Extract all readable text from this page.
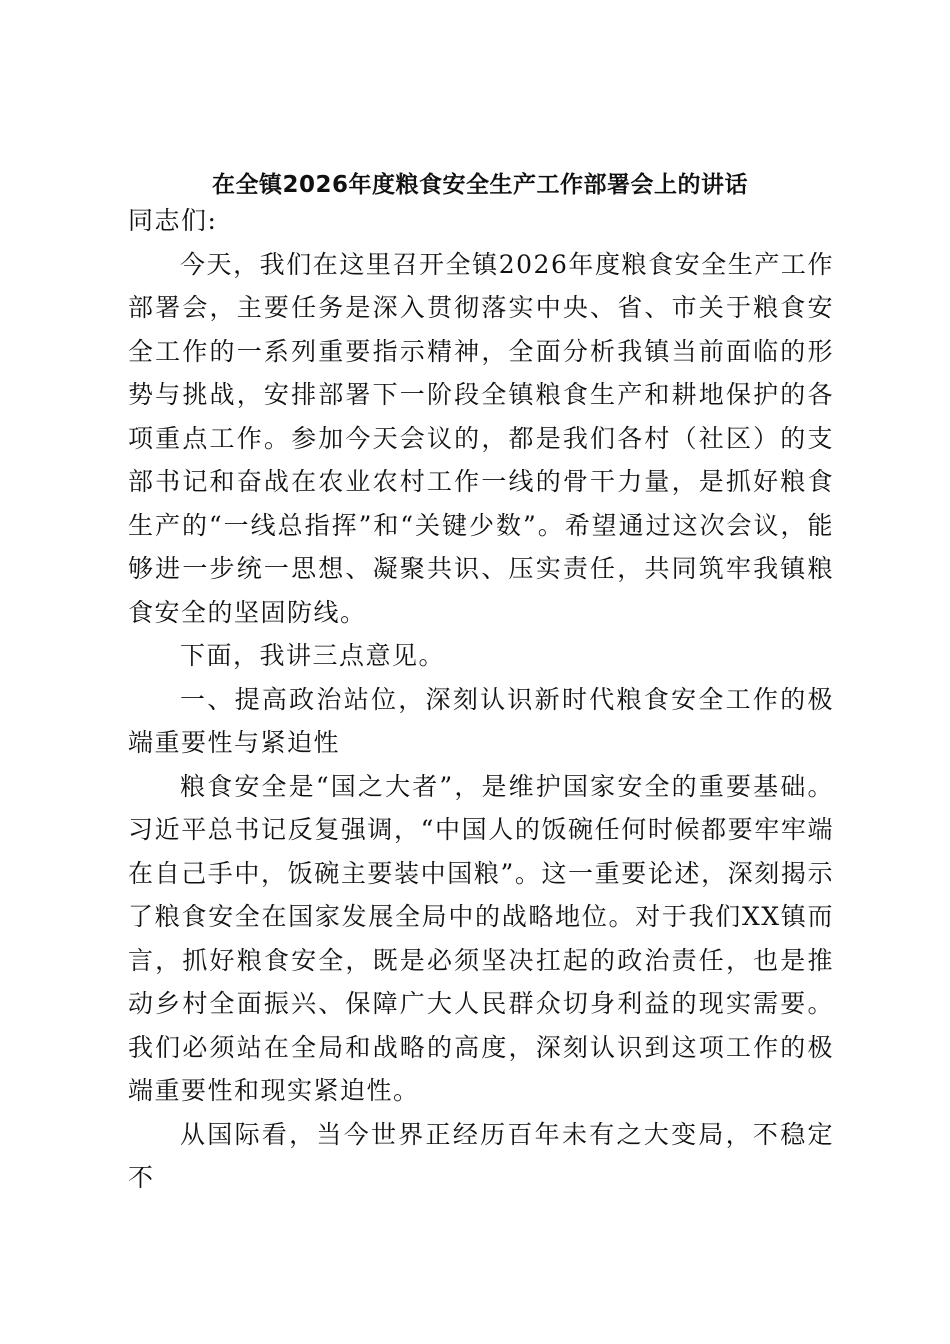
在全镇2026年度粮食安全生产工作部署会上的讲话

同志们:

今天，我们在这里召开全镇2026年度粮食安全生产工作部署会，主要任务是深入贯彻落实中央、省、市关于粮食安全工作的一系列重要指示精神，全面分析我镇当前面临的形势与挑战，安排部署下一阶段全镇粮食生产和耕地保护的各项重点工作。参加今天会议的，都是我们各村（社区）的支部书记和奋战在农业农村工作一线的骨干力量，是抓好粮食生产的“一线总指挥”和“关键少数”。希望通过这次会议，能够进一步统一思想、凝聚共识、压实责任，共同筑牢我镇粮食安全的坚固防线。

下面，我讲三点意见。

一、提高政治站位，深刻认识新时代粮食安全工作的极端重要性与紧迫性

粮食安全是“国之大者”，是维护国家安全的重要基础。习近平总书记反复强调，“中国人的饭碗任何时候都要牢牢端在自己手中，饭碗主要装中国粮”。这一重要论述，深刻揭示了粮食安全在国家发展全局中的战略地位。对于我们XX镇而言，抓好粮食安全，既是必须坚决扛起的政治责任，也是推动乡村全面振兴、保障广大人民群众切身利益的现实需要。我们必须站在全局和战略的高度，深刻认识到这项工作的极端重要性和现实紧迫性。

从国际看，当今世界正经历百年未有之大变局，不稳定不
